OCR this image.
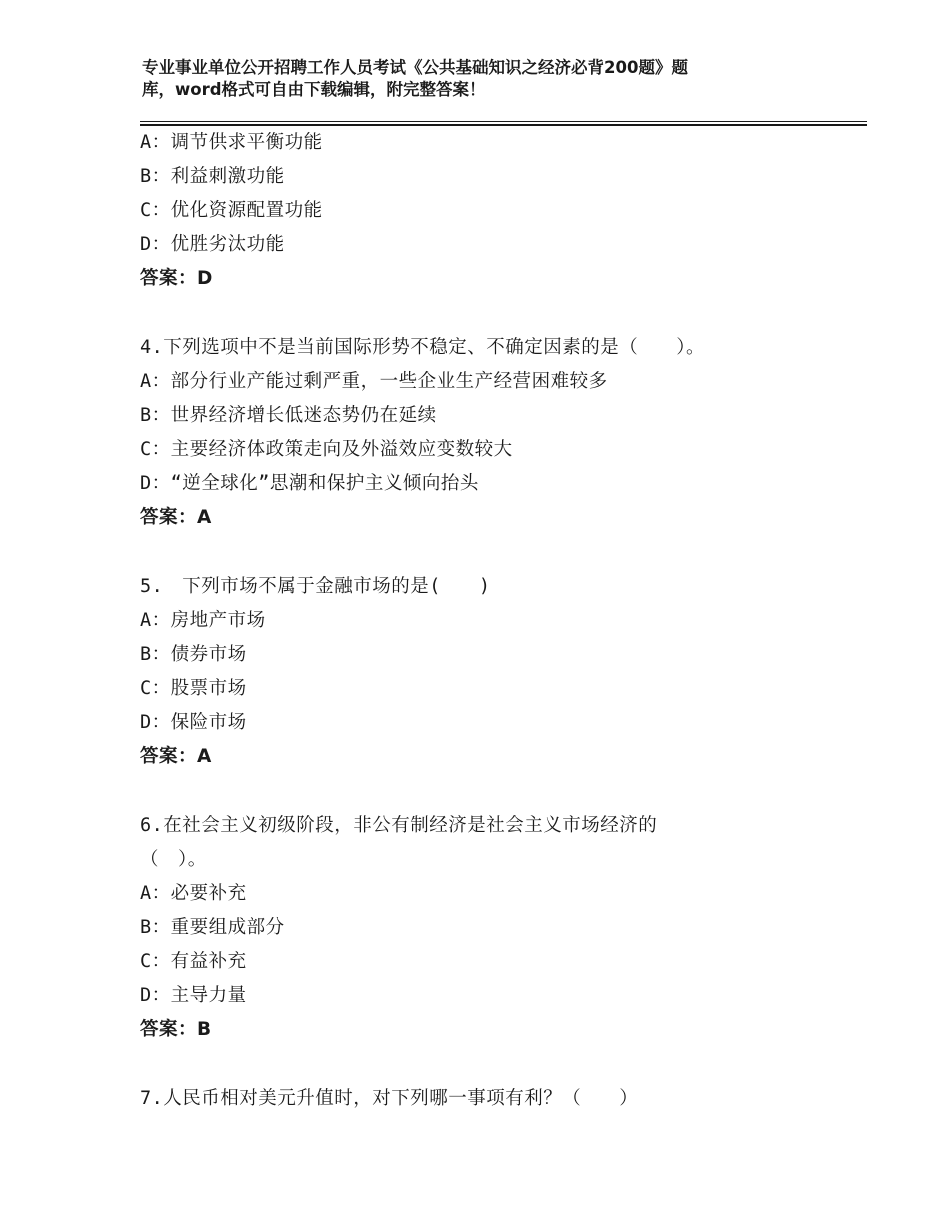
专业事业单位公开招聘工作人员考试《公共基础知识之经济必背200题》题
库，word格式可自由下载编辑，附完整答案！
A：调节供求平衡功能
B：利益刺激功能
C：优化资源配置功能
D：优胜劣汰功能
答案：D
4.下列选项中不是当前国际形势不稳定、不确定因素的是（　　）。
A：部分行业产能过剩严重，一些企业生产经营困难较多
B：世界经济增长低迷态势仍在延续
C：主要经济体政策走向及外溢效应变数较大
D：“逆全球化”思潮和保护主义倾向抬头
答案：A
5.　下列市场不属于金融市场的是(　　)
A：房地产市场
B：债券市场
C：股票市场
D：保险市场
答案：A
6.在社会主义初级阶段，非公有制经济是社会主义市场经济的
（　）。
A：必要补充
B：重要组成部分
C：有益补充
D：主导力量
答案：B
7.人民币相对美元升值时，对下列哪一事项有利？（　　）
